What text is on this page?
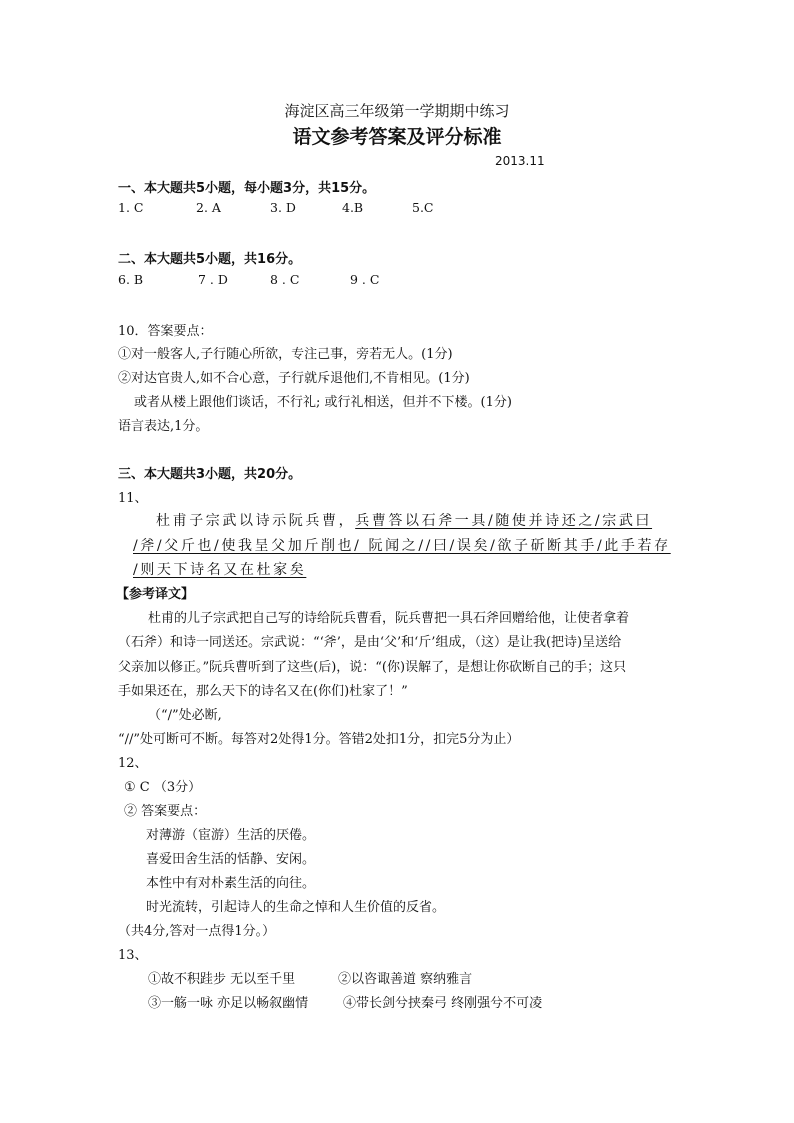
海淀区高三年级第一学期期中练习
语文参考答案及评分标准
2013.11
一、本大题共5小题，每小题3分，共15分。
1. C	2. A	3. D	4.B	5.C
二、本大题共5小题，共16分。
6. B	7 . D	8 . C	9 . C
10．答案要点：
①对一般客人,子行随心所欲，专注己事，旁若无人。(1分)
②对达官贵人,如不合心意，子行就斥退他们,不肯相见。(1分)
或者从楼上跟他们谈话，不行礼; 或行礼相送，但并不下楼。(1分)
语言表达,1分。
三、本大题共3小题，共20分。
11、
杜甫子宗武以诗示阮兵曹，兵曹答以石斧一具/随使并诗还之/宗武曰
/斧/父斤也/使我呈父加斤削也/ 阮闻之//曰/误矣/欲子斫断其手/此手若存
/则天下诗名又在杜家矣
【参考译文】
杜甫的儿子宗武把自己写的诗给阮兵曹看，阮兵曹把一具石斧回赠给他，让使者拿着
（石斧）和诗一同送还。宗武说：“‘斧’，是由‘父’和‘斤’组成，（这）是让我(把诗)呈送给
父亲加以修正。”阮兵曹听到了这些(后)，说：“(你)误解了，是想让你砍断自己的手；这只
手如果还在，那么天下的诗名又在(你们)杜家了！”
（“/”处必断,
“//”处可断可不断。每答对2处得1分。答错2处扣1分，扣完5分为止）
12、
① C （3分）
② 答案要点：
对薄游（宦游）生活的厌倦。
喜爱田舍生活的恬静、安闲。
本性中有对朴素生活的向往。
时光流转，引起诗人的生命之悼和人生价值的反省。
（共4分,答对一点得1分。）
13、
①故不积跬步 无以至千里	②以咨诹善道 察纳雅言
③一觞一咏 亦足以畅叙幽情	④带长剑兮挟秦弓 终刚强兮不可凌
